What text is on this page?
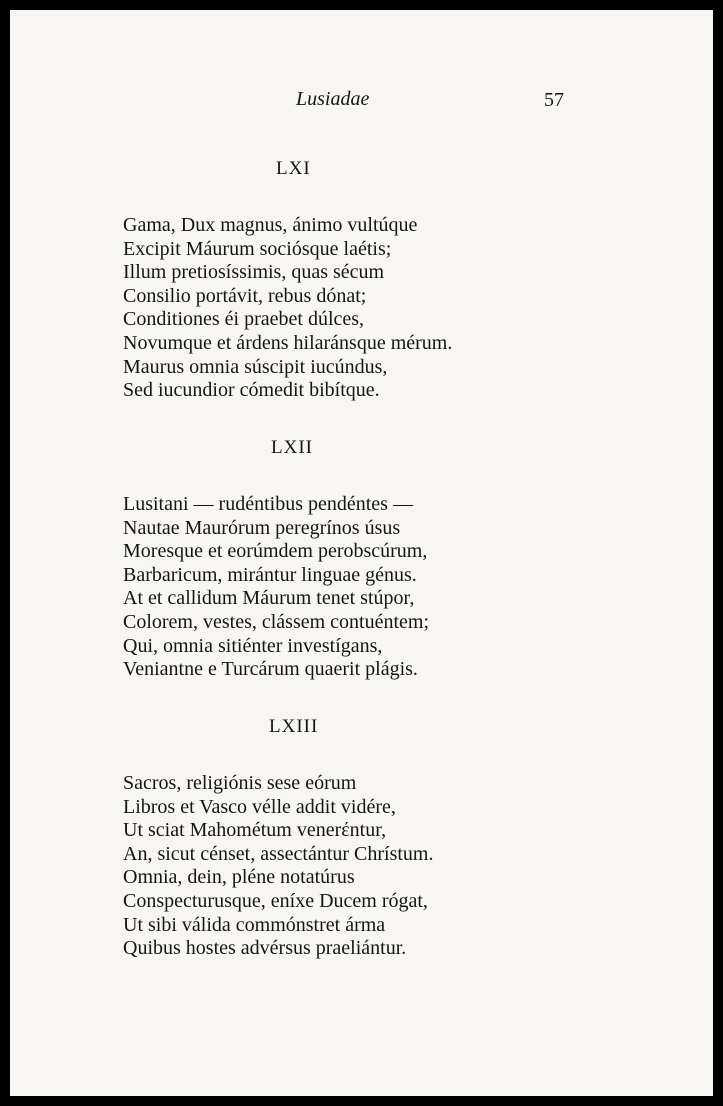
Lusiadae	57
LXI
Gama, Dux magnus, ánimo vultúque
Excipit Máurum sociósque laétis;
Illum pretiosíssimis, quas sécum
Consilio portávit, rebus dónat;
Conditiones éi praebet dúlces,
Novumque et árdens hilaránsque mérum.
Maurus omnia súscipit iucúndus,
Sed iucundior cómedit bibítque.
LXII
Lusitani — rudéntibus pendéntes —
Nautae Maurórum peregrínos úsus
Moresque et eorúmdem perobscúrum,
Barbaricum, mirántur linguae génus.
At et callidum Máurum tenet stúpor,
Colorem, vestes, clássem contuéntem;
Qui, omnia sitiénter investígans,
Veniantne e Turcárum quaerit plágis.
LXIII
Sacros, religiónis sese eórum
Libros et Vasco vélle addit vidére,
Ut sciat Mahométum venerέntur,
An, sicut cénset, assectántur Chrístum.
Omnia, dein, pléne notatúrus
Conspecturusque, eníxe Ducem rógat,
Ut sibi válida commónstret árma
Quibus hostes advérsus praeliántur.
